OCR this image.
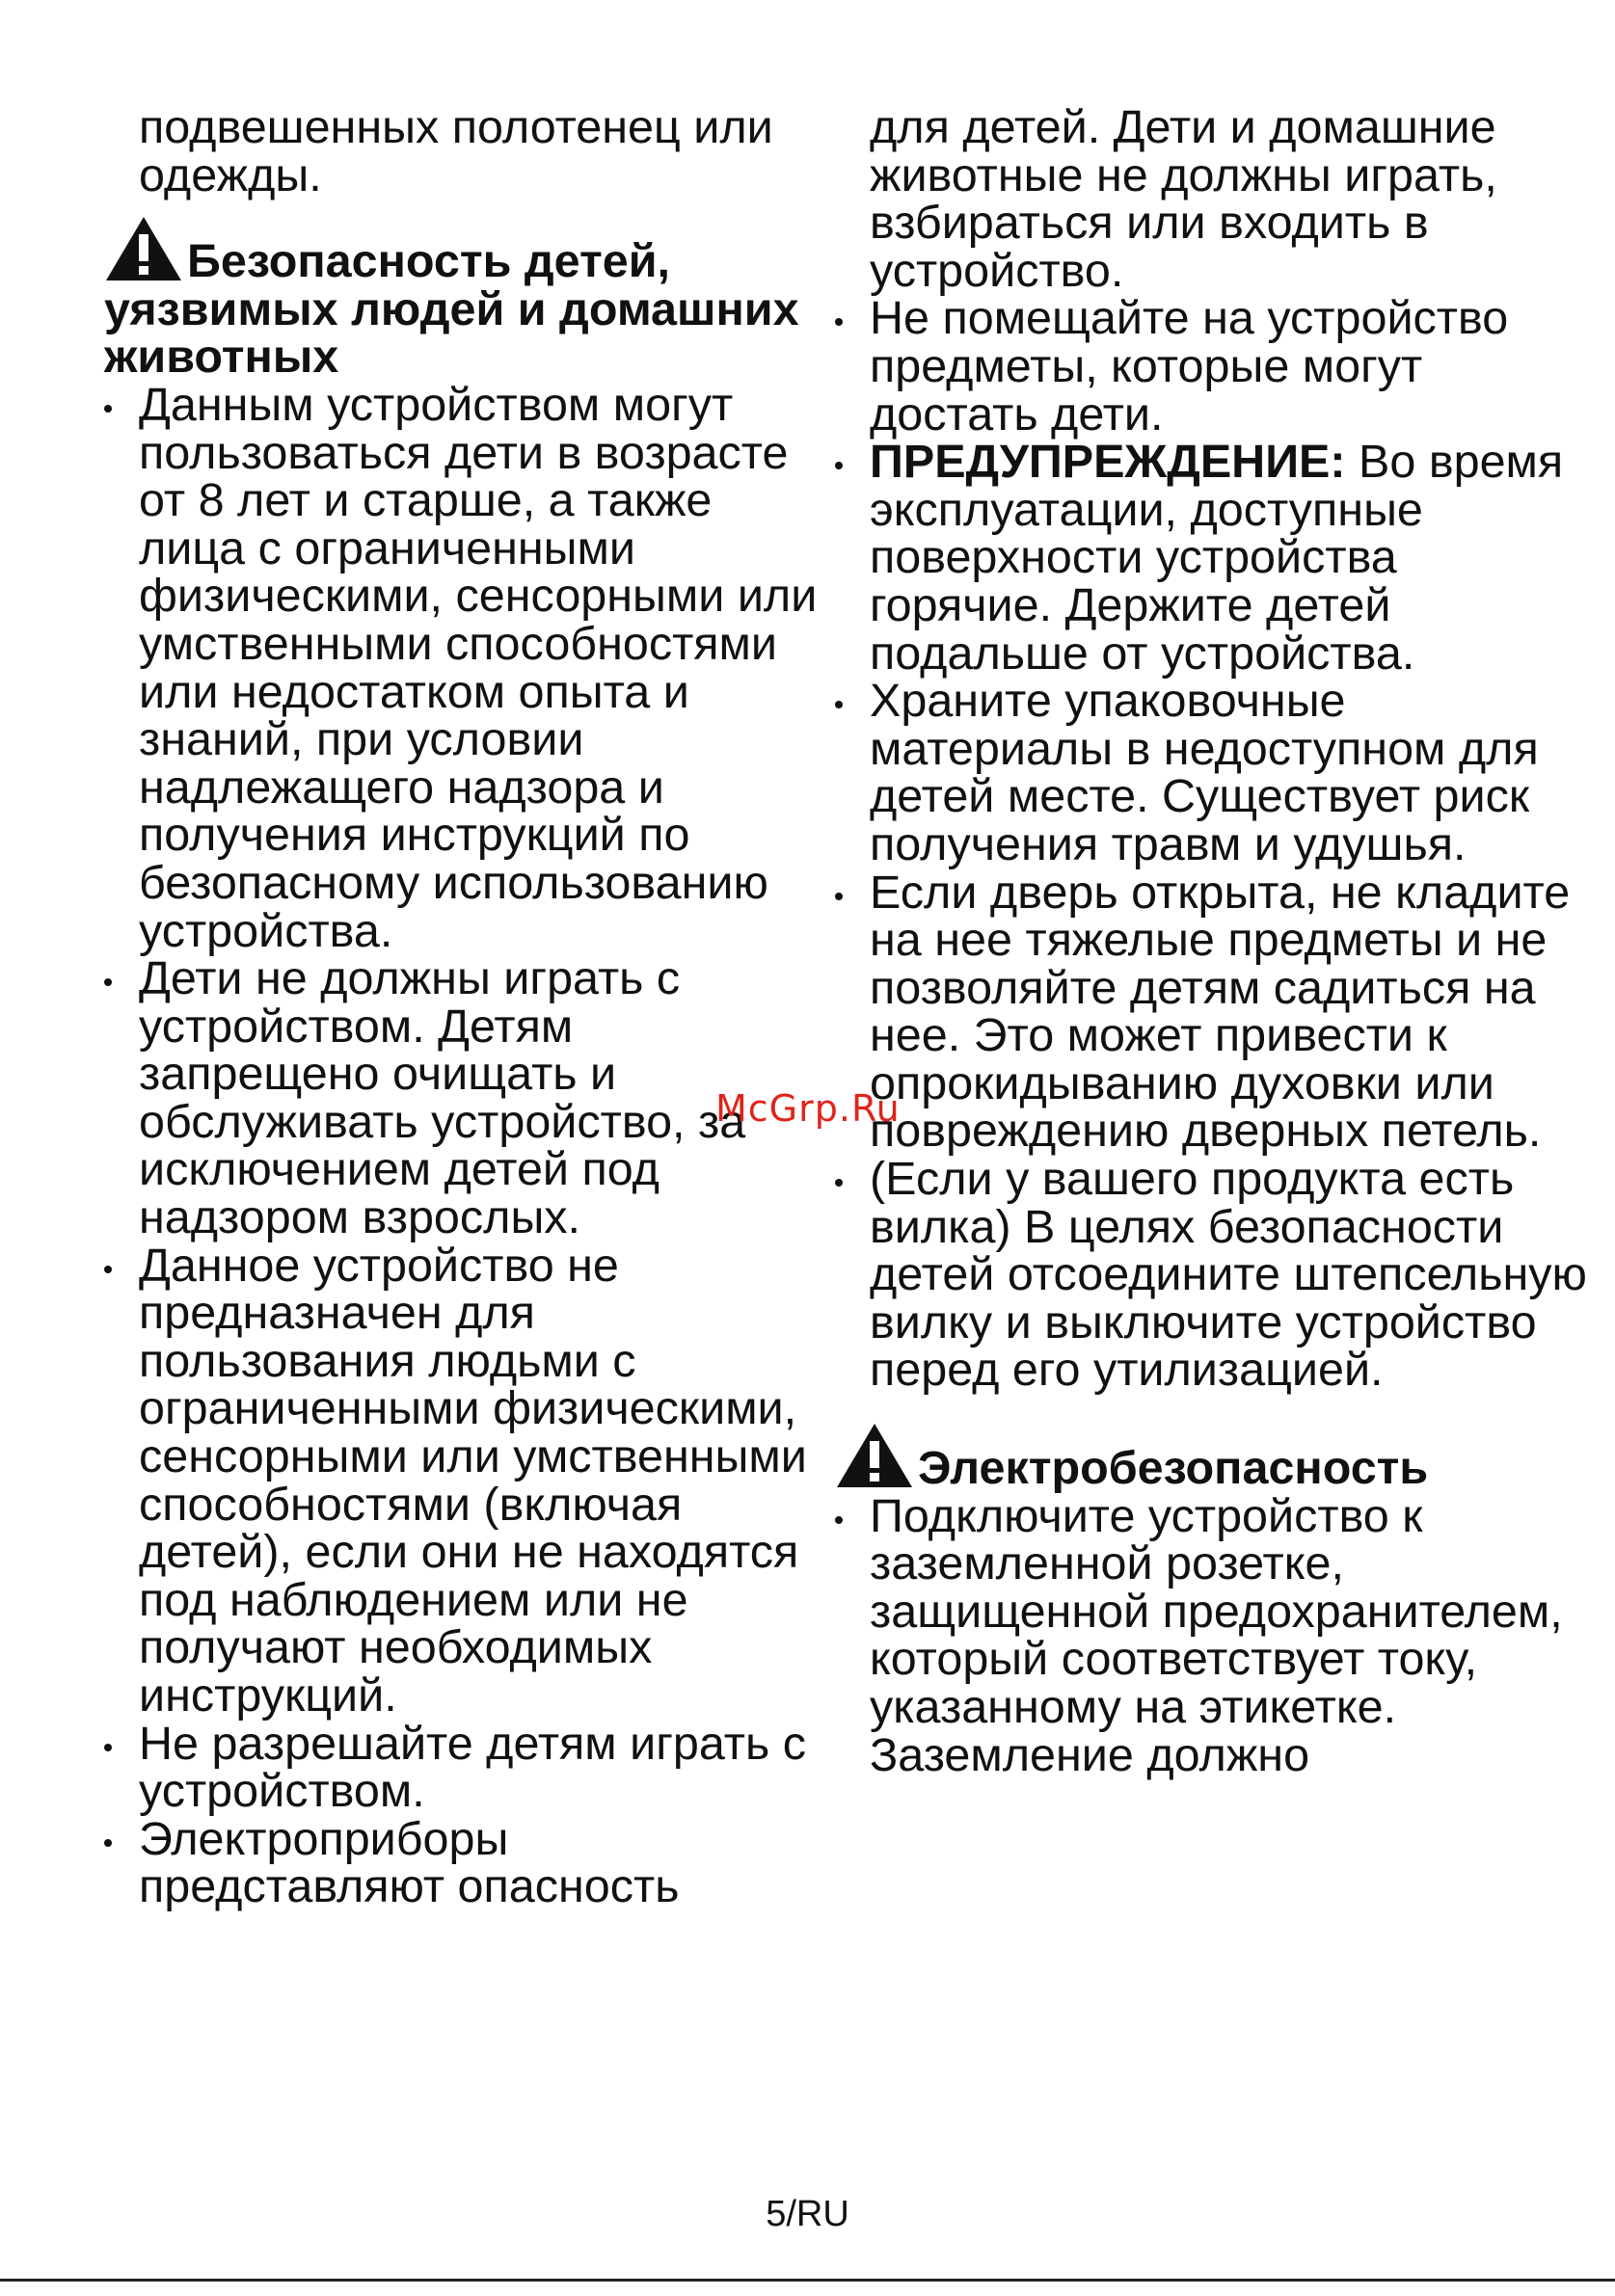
подвешенных полотенец или одежды.
Безопасность детей, уязвимых людей и домашних животных
Данным устройством могут пользоваться дети в возрасте от 8 лет и старше, а также лица с ограниченными физическими, сенсорными или умственными способностями или недостатком опыта и знаний, при условии надлежащего надзора и получения инструкций по безопасному использованию устройства.
Дети не должны играть с устройством. Детям запрещено очищать и обслуживать устройство, за исключением детей под надзором взрослых.
Данное устройство не предназначен для пользования людьми с ограниченными физическими, сенсорными или умственными способностями (включая детей), если они не находятся под наблюдением или не получают необходимых инструкций.
Не разрешайте детям играть с устройством.
Электроприборы представляют опасность
для детей. Дети и домашние животные не должны играть, взбираться или входить в устройство.
Не помещайте на устройство предметы, которые могут достать дети.
ПРЕДУПРЕЖДЕНИЕ: Во время эксплуатации, доступные поверхности устройства горячие. Держите детей подальше от устройства.
Храните упаковочные материалы в недоступном для детей месте. Существует риск получения травм и удушья.
Если дверь открыта, не кладите на нее тяжелые предметы и не позволяйте детям садиться на нее. Это может привести к опрокидыванию духовки или повреждению дверных петель.
(Если у вашего продукта есть вилка) В целях безопасности детей отсоедините штепсельную вилку и выключите устройство перед его утилизацией.
Электробезопасность
Подключите устройство к заземленной розетке, защищенной предохранителем, который соответствует току, указанному на этикетке. Заземление должно
McGrp.Ru
5/RU
